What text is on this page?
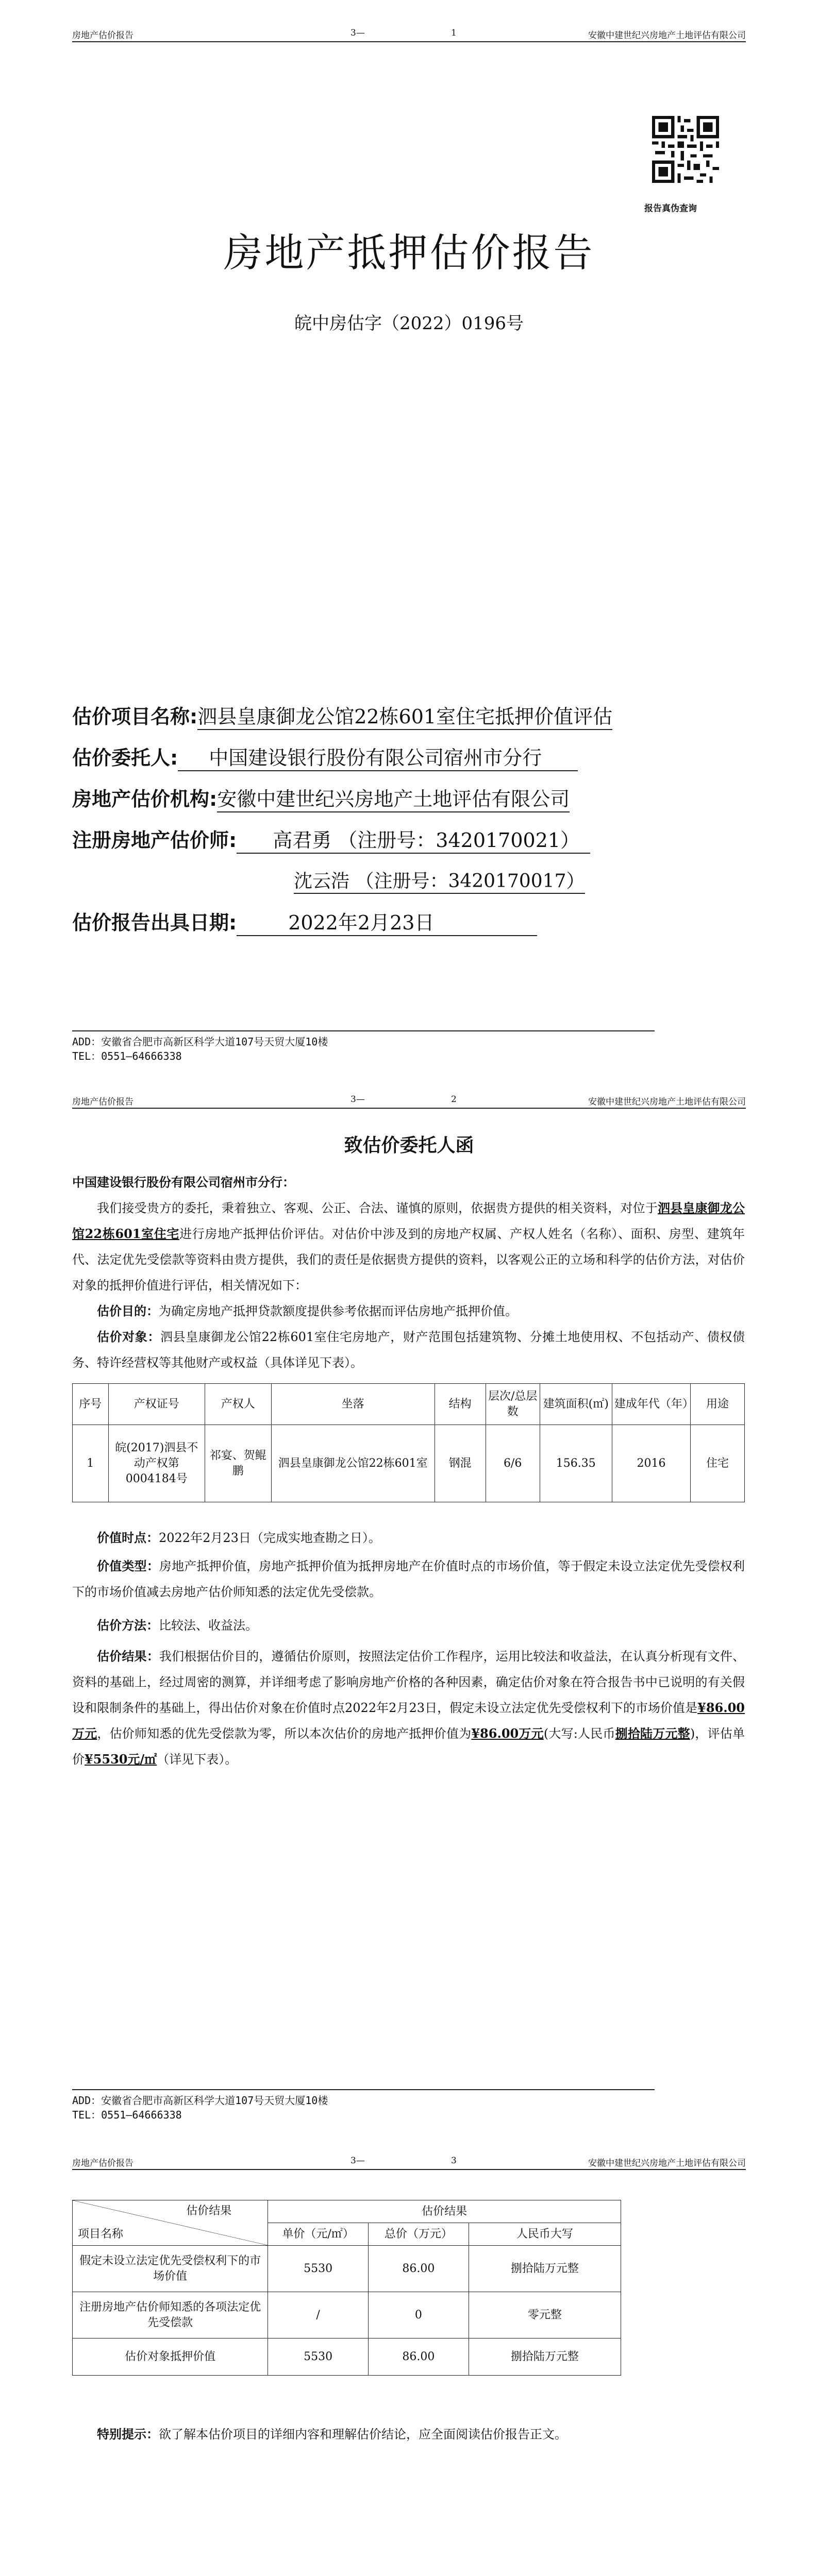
房地产估价报告	3—	1	安徽中建世纪兴房地产土地评估有限公司
报告真伪查询
房地产抵押估价报告
皖中房估字（2022）0196号
估价项目名称:泗县皇康御龙公馆22栋601室住宅抵押价值评估
估价委托人: 中国建设银行股份有限公司宿州市分行
房地产估价机构:安徽中建世纪兴房地产土地评估有限公司
注册房地产估价师: 高君勇 （注册号：3420170021）
沈云浩 （注册号：3420170017）
估价报告出具日期:	2022年2月23日
ADD：安徽省合肥市高新区科学大道107号天贸大厦10楼
TEL：0551—64666338
房地产估价报告	3—	2	安徽中建世纪兴房地产土地评估有限公司
致估价委托人函
中国建设银行股份有限公司宿州市分行：
我们接受贵方的委托，秉着独立、客观、公正、合法、谨慎的原则，依据贵方提供的相关资料，对位于泗县皇康御龙公馆22栋601室住宅进行房地产抵押估价评估。对估价中涉及到的房地产权属、产权人姓名（名称）、面积、房型、建筑年代、法定优先受偿款等资料由贵方提供，我们的责任是依据贵方提供的资料，以客观公正的立场和科学的估价方法，对估价对象的抵押价值进行评估，相关情况如下：
估价目的：为确定房地产抵押贷款额度提供参考依据而评估房地产抵押价值。
估价对象：泗县皇康御龙公馆22栋601室住宅房地产，财产范围包括建筑物、分摊土地使用权、不包括动产、债权债务、特许经营权等其他财产或权益（具体详见下表）。
序号	产权证号	产权人	坐落	结构	层次/总层数	建筑面积(㎡)	建成年代（年）	用途
1	皖(2017)泗县不动产权第0004184号	祁宴、贺鲲鹏	泗县皇康御龙公馆22栋601室	钢混	6/6	156.35	2016	住宅
价值时点：2022年2月23日（完成实地查勘之日）。
价值类型：房地产抵押价值，房地产抵押价值为抵押房地产在价值时点的市场价值，等于假定未设立法定优先受偿权利下的市场价值减去房地产估价师知悉的法定优先受偿款。
估价方法：比较法、收益法。
估价结果：我们根据估价目的，遵循估价原则，按照法定估价工作程序，运用比较法和收益法，在认真分析现有文件、资料的基础上，经过周密的测算，并详细考虑了影响房地产价格的各种因素，确定估价对象在符合报告书中已说明的有关假设和限制条件的基础上，得出估价对象在价值时点2022年2月23日，假定未设立法定优先受偿权利下的市场价值是¥86.00万元，估价师知悉的优先受偿款为零，所以本次估价的房地产抵押价值为¥86.00万元(大写:人民币捌拾陆万元整)，评估单价¥5530元/㎡（详见下表）。
ADD：安徽省合肥市高新区科学大道107号天贸大厦10楼
TEL：0551—64666338
房地产估价报告	3—	3	安徽中建世纪兴房地产土地评估有限公司
估价结果
项目名称	估价结果		
	单价（元/㎡）	总价（万元）	人民币大写
假定未设立法定优先受偿权利下的市场价值	5530	86.00	捌拾陆万元整
注册房地产估价师知悉的各项法定优先受偿款	/	0	零元整
估价对象抵押价值	5530	86.00	捌拾陆万元整
特别提示：欲了解本估价项目的详细内容和理解估价结论，应全面阅读估价报告正文。
